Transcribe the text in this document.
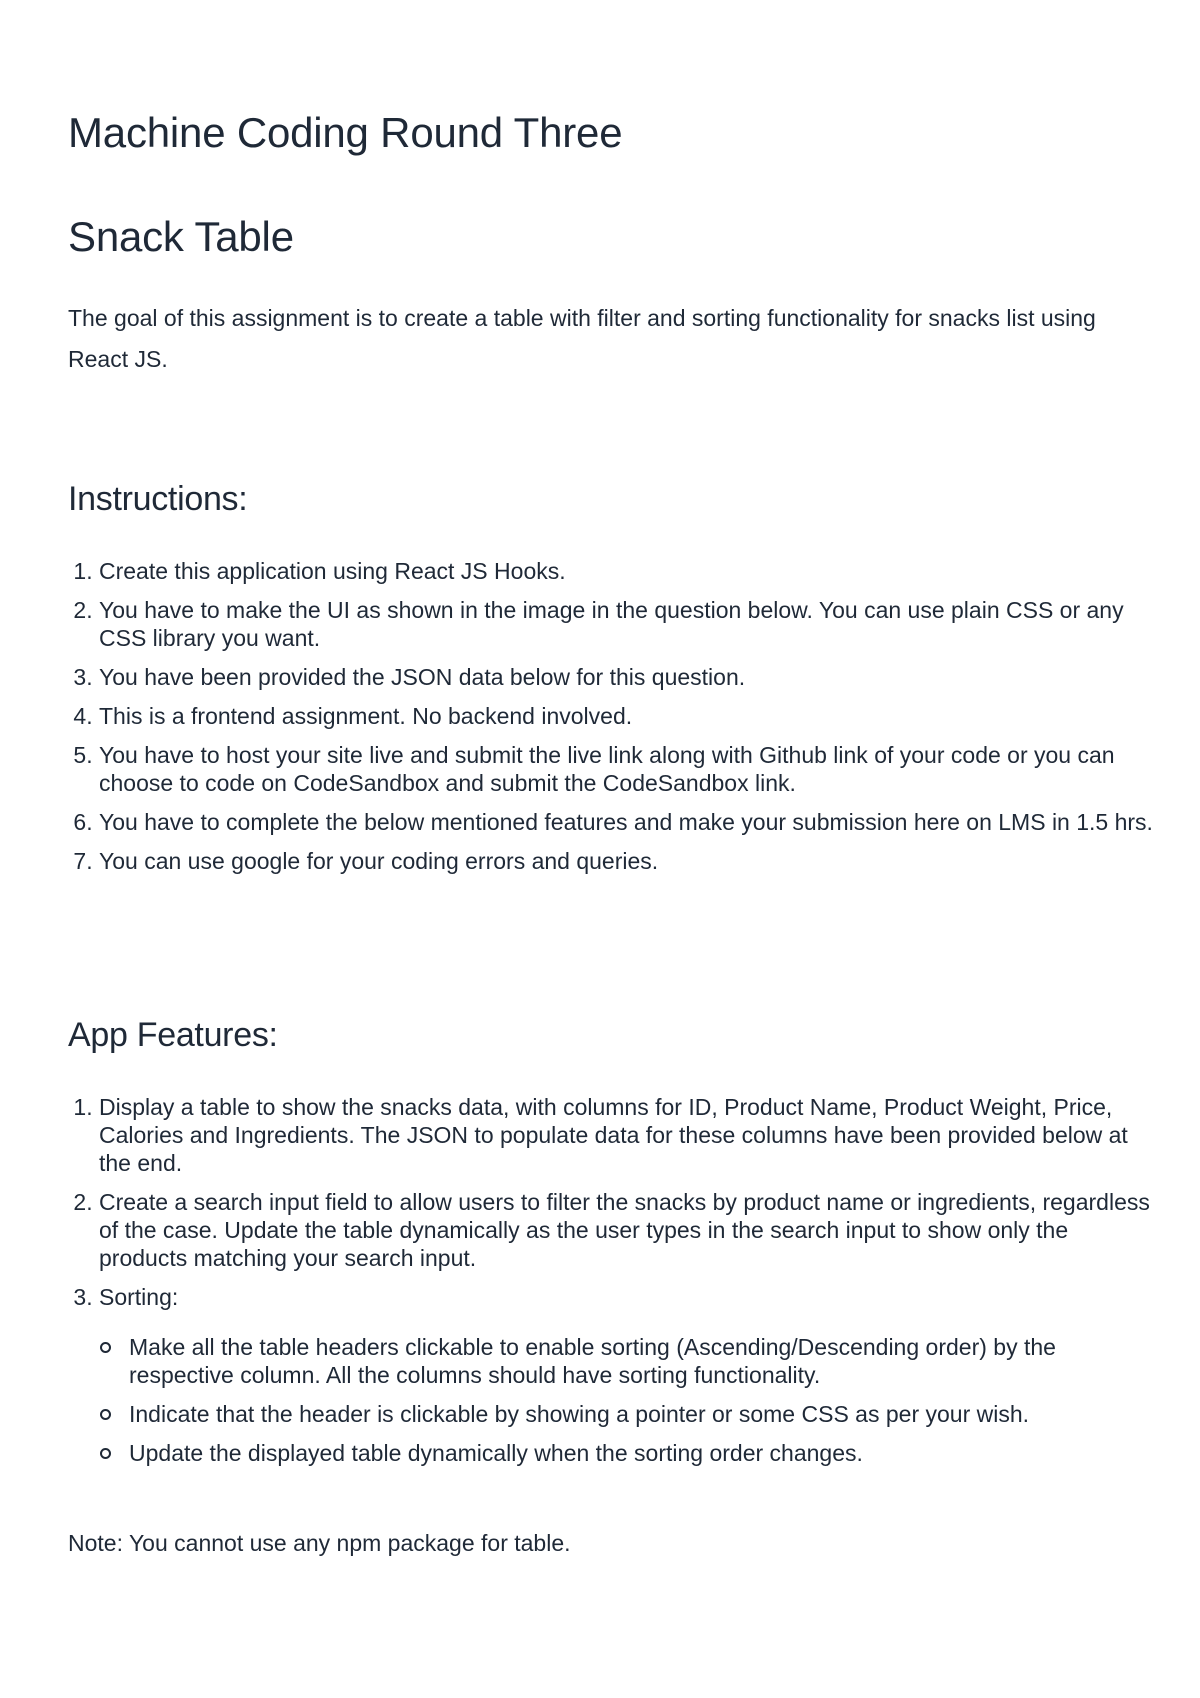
Machine Coding Round Three
Snack Table

The goal of this assignment is to create a table with filter and sorting functionality for snacks list using React JS.

Instructions:
1. Create this application using React JS Hooks.
2. You have to make the UI as shown in the image in the question below. You can use plain CSS or any CSS library you want.
3. You have been provided the JSON data below for this question.
4. This is a frontend assignment. No backend involved.
5. You have to host your site live and submit the live link along with Github link of your code or you can choose to code on CodeSandbox and submit the CodeSandbox link.
6. You have to complete the below mentioned features and make your submission here on LMS in 1.5 hrs.
7. You can use google for your coding errors and queries.
App Features:
1. Display a table to show the snacks data, with columns for ID, Product Name, Product Weight, Price, Calories and Ingredients. The JSON to populate data for these columns have been provided below at the end.
2. Create a search input field to allow users to filter the snacks by product name or ingredients, regardless of the case. Update the table dynamically as the user types in the search input to show only the products matching your search input.
3. Sorting:
Make all the table headers clickable to enable sorting (Ascending/Descending order) by the respective column. All the columns should have sorting functionality.
Indicate that the header is clickable by showing a pointer or some CSS as per your wish.
Update the displayed table dynamically when the sorting order changes.

Note: You cannot use any npm package for table.
